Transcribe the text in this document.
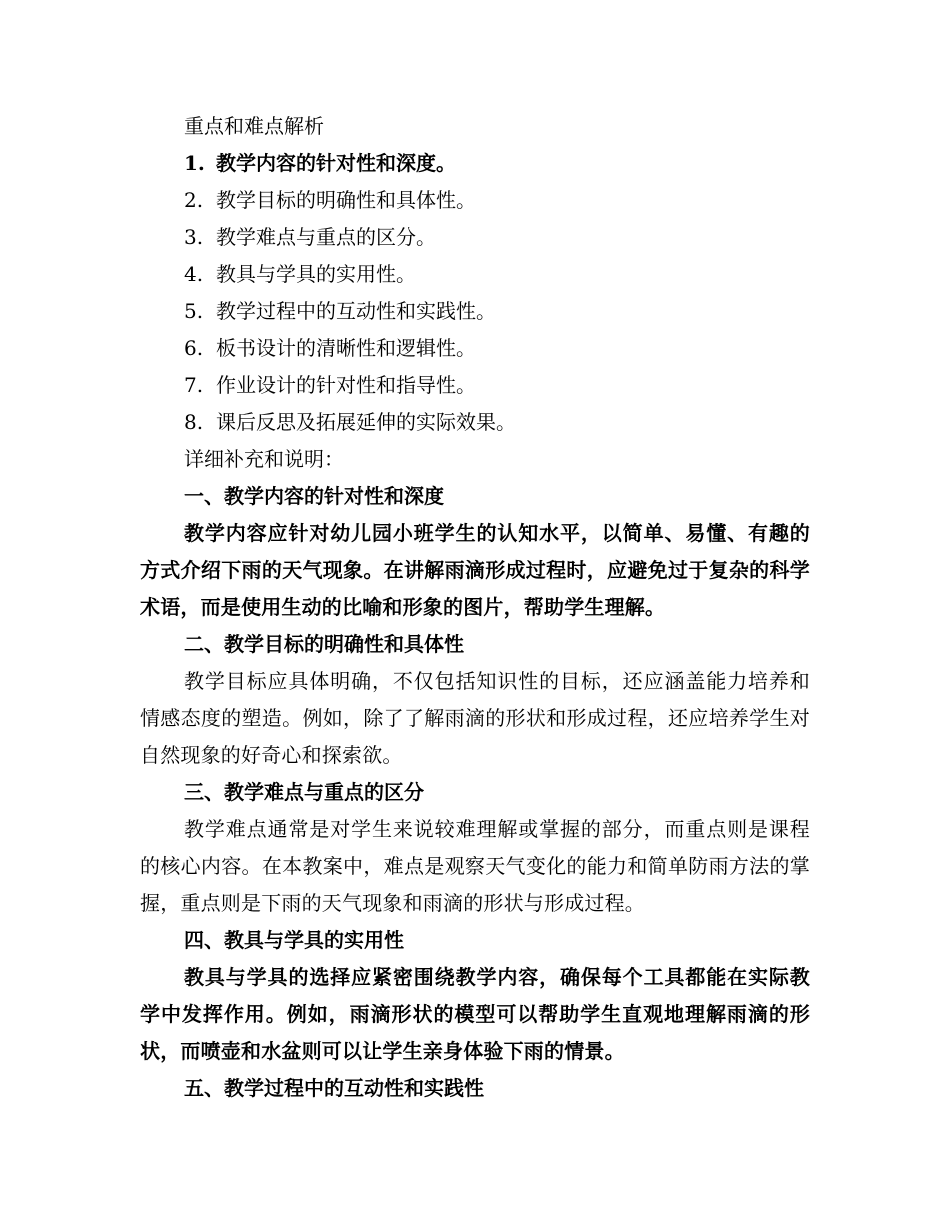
重点和难点解析
1. 教学内容的针对性和深度。
2. 教学目标的明确性和具体性。
3. 教学难点与重点的区分。
4. 教具与学具的实用性。
5. 教学过程中的互动性和实践性。
6. 板书设计的清晰性和逻辑性。
7. 作业设计的针对性和指导性。
8. 课后反思及拓展延伸的实际效果。
详细补充和说明：
一、教学内容的针对性和深度

教学内容应针对幼儿园小班学生的认知水平，以简单、易懂、有趣的方式介绍下雨的天气现象。在讲解雨滴形成过程时，应避免过于复杂的科学术语，而是使用生动的比喻和形象的图片，帮助学生理解。

二、教学目标的明确性和具体性

教学目标应具体明确，不仅包括知识性的目标，还应涵盖能力培养和情感态度的塑造。例如，除了了解雨滴的形状和形成过程，还应培养学生对自然现象的好奇心和探索欲。

三、教学难点与重点的区分

教学难点通常是对学生来说较难理解或掌握的部分，而重点则是课程的核心内容。在本教案中，难点是观察天气变化的能力和简单防雨方法的掌握，重点则是下雨的天气现象和雨滴的形状与形成过程。

四、教具与学具的实用性

教具与学具的选择应紧密围绕教学内容，确保每个工具都能在实际教学中发挥作用。例如，雨滴形状的模型可以帮助学生直观地理解雨滴的形状，而喷壶和水盆则可以让学生亲身体验下雨的情景。

五、教学过程中的互动性和实践性
